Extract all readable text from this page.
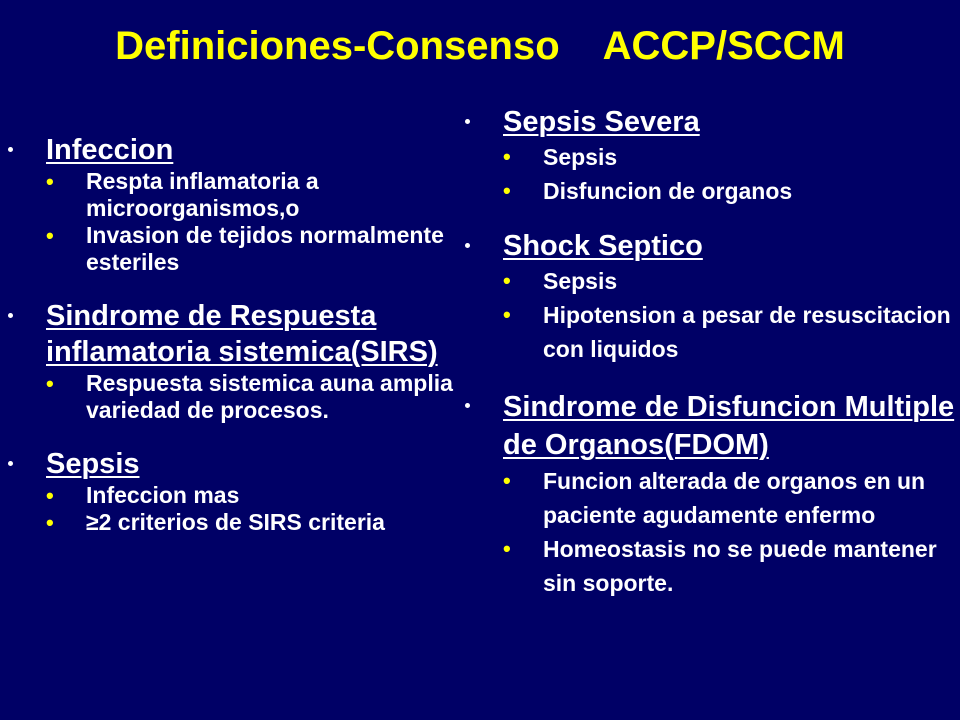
Definiciones-Consenso    ACCP/SCCM
Infeccion
• Respta inflamatoria a microorganismos,o
• Invasion de tejidos normalmente esteriles
Sindrome de Respuesta inflamatoria sistemica(SIRS)
• Respuesta sistemica auna amplia variedad de procesos.
Sepsis
• Infeccion mas
• ≥2 criterios de SIRS criteria
Sepsis Severa
• Sepsis
• Disfuncion de organos
Shock Septico
• Sepsis
• Hipotension a pesar de resuscitacion con liquidos
Sindrome de Disfuncion Multiple de Organos(FDOM)
• Funcion alterada de organos en un paciente agudamente enfermo
• Homeostasis no se puede mantener sin soporte.
